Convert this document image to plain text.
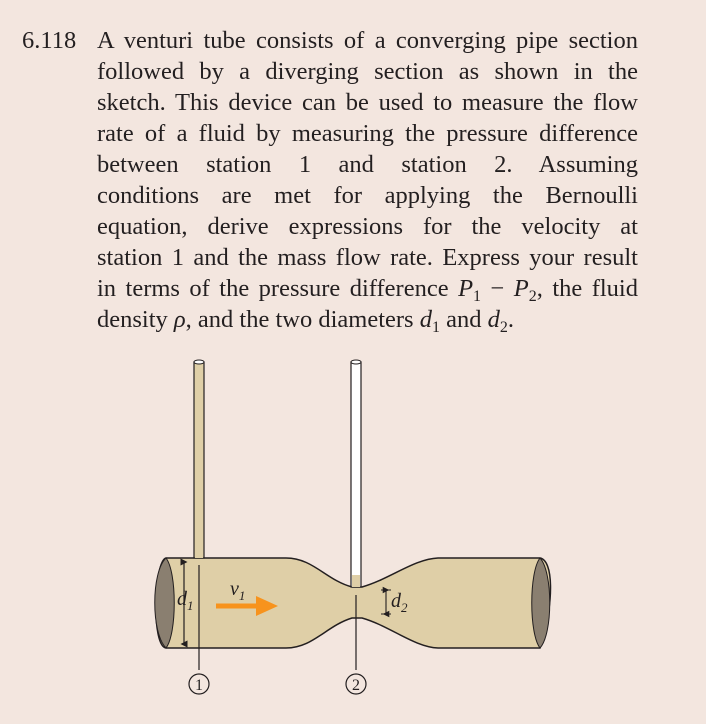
6.118 A venturi tube consists of a converging pipe section
followed by a diverging section as shown in the
sketch. This device can be used to measure the flow
rate of a fluid by measuring the pressure difference
between station 1 and station 2. Assuming
conditions are met for applying the Bernoulli
equation, derive expressions for the velocity at
station 1 and the mass flow rate. Express your result
in terms of the pressure difference $P_1 - P_2$, the fluid
density ρ, and the two diameters $d_1$ and $d_2$.
$d_1$
$v_1$	$d_2$
1	2
